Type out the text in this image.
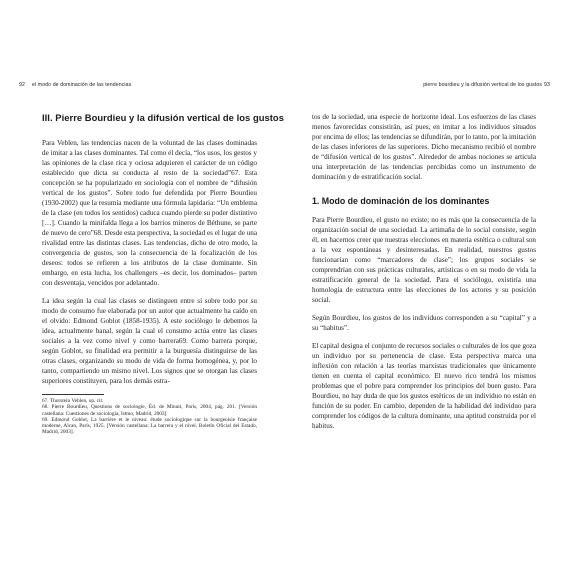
92 el modo de dominación de las tendencias
III. Pierre Bourdieu y la difusión vertical de los gustos

Para Veblen, las tendencias nacen de la voluntad de las clases dominadas de imitar a las clases dominantes. Tal como él decía, “los usos, los gestos y las opiniones de la clase rica y ociosa adquieren el carácter de un código establecido que dicta su conducta al resto de la sociedad”67. Esta concepción se ha popularizado en sociología con el nombre de “difusión vertical de los gustos”. Sobre todo fue defendida por Pierre Bourdieu (1930-2002) que la resumía mediante una fórmula lapidaria: “Un emblema de la clase (en todos los sentidos) caduca cuando pierde su poder distintivo […]. Cuando la minifalda llega a los barrios mineros de Béthune, se parte de nuevo de cero”68. Desde esta perspectiva, la sociedad es el lugar de una rivalidad entre las distintas clases. Las tendencias, dicho de otro modo, la convergencia de gustos, son la consecuencia de la focalización de los deseos: todos se refieren a los atributos de la clase dominante. Sin embargo, en esta lucha, los challengers –es decir, los dominados– parten con desventaja, vencidos por adelantado.

La idea según la cual las clases se distinguen entre sí sobre todo por su modo de consumo fue elaborada por un autor que actualmente ha caído en el olvido: Edmond Goblot (1858-1935). A este sociólogo le debemos la idea, actualmente banal, según la cual el consumo actúa entre las clases sociales a la vez como nivel y como barrera69. Como barrera porque, según Goblot, su finalidad era permitir a la burguesía distinguirse de las otras clases, organizando su modo de vida de forma homogénea, y, por lo tanto, compartiendo un mismo nivel. Los signos que se otorgan las clases superiores constituyen, para los demás estra-

67. Thorstein Veblen, op. cit.

68. Pierre Bourdieu, Questions de sociologie, Éd. de Minuit, París, 2004, pág. 201. [Versión castellana: Cuestiones de sociología, Istmo, Madrid, 2003].

69. Edmond Goblot, La barrière et le niveau: étude sociologique sur la bourgeoisie française moderne, Alcan, París, 1925. [Versión castellana: La barrera y el nivel, Boletín Oficial del Estado, Madrid, 2003].

pierre bourdieu y la difusión vertical de los gustos 93

tos de la sociedad, una especie de horizonte ideal. Los esfuerzos de las clases menos favorecidas consistirán, así pues, en imitar a los individuos situados por encima de ellos; las tendencias se difundirán, por lo tanto, por la imitación de las clases inferiores de las superiores. Dicho mecanismo recibió el nombre de “difusión vertical de los gustos”. Alrededor de ambas nociones se articula una interpretación de las tendencias percibidas como un instrumento de dominación y de estratificación social.

1. Modo de dominación de los dominantes

Para Pierre Bourdieu, el gusto no existe; no es más que la consecuencia de la organización social de una sociedad. La artimaña de lo social consiste, según él, en hacernos creer que nuestras elecciones en materia estética o cultural son a la vez espontáneas y desinteresadas. En realidad, nuestros gustos funcionarían como “marcadores de clase”; los grupos sociales se comprendrían con sus prácticas culturales, artísticas o en su modo de vida la estratificación general de la sociedad. Para el sociólogo, existiría una homología de estructura entre las elecciones de los actores y su posición social.

Según Bourdieu, los gustos de los individuos corresponden a su “capital” y a su “habitus”.

El capital designa el conjunto de recursos sociales o culturales de los que goza un individuo por su pertenencia de clase. Esta perspectiva marca una inflexión con relación a las teorías marxistas tradicionales que únicamente tienen en cuenta el capital económico. El nuevo rico tendrá los mismos problemas que el pobre para comprender los principios del buen gusto. Para Bourdieu, no hay duda de que los gustos estéticos de un individuo no están en función de su poder. En cambio, dependen de la habilidad del individuo para comprender los códigos de la cultura dominante, una aptitud construida por el habitus.
